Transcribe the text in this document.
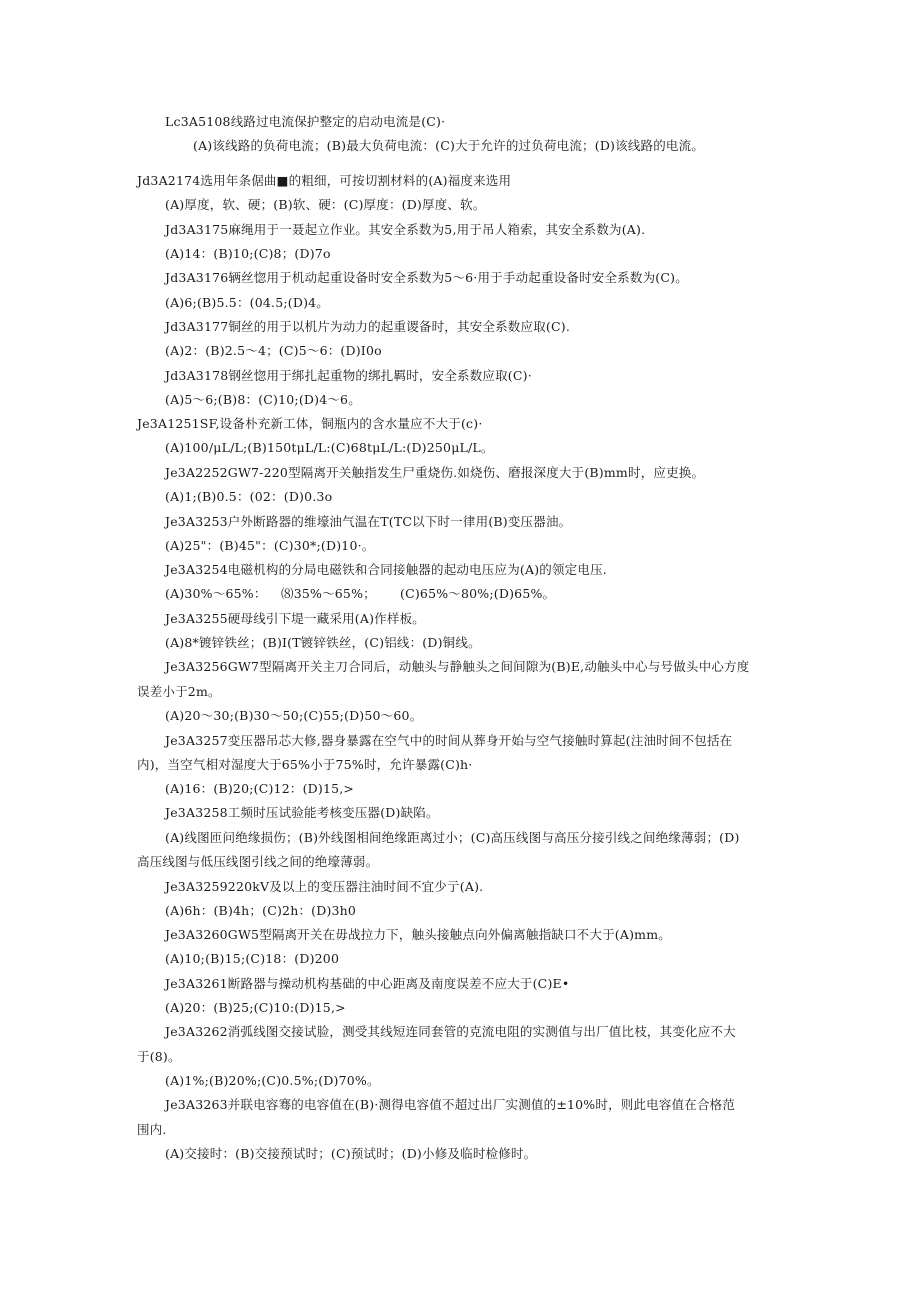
Lc3A5108线路过电流保护整定的启动电流是(C)·
(A)该线路的负荷电流；(B)最大负荷电流：(C)大于允许的过负荷电流；(D)该线路的电流。
Jd3A2174选用年条倨曲■的粗细，可按切割材料的(A)福度来选用
(A)厚度，软、硬；(B)软、硬：(C)厚度：(D)厚度、软。
Jd3A3175麻绳用于一聂起立作业。其安全系数为5,用于吊人箱索，其安全系数为(A).
(A)14：(B)10;(C)8；(D)7o
Jd3A3176辆丝惚用于机动起重设备时安全系数为5～6·用于手动起重设备时安全系数为(C)。
(A)6;(B)5.5：(04.5;(D)4。
Jd3A3177铜丝的用于以机片为动力的起重谡备时，其安全系数应取(C).
(A)2：(B)2.5～4；(C)5～6：(D)I0o
Jd3A3178钢丝惚用于绑扎起重物的绑扎羁时，安全系数应取(C)·
(A)5～6;(B)8：(C)10;(D)4～6。
Je3A1251SF,设备朴充新工体，铜瓶内的含水量应不大于(c)·
(A)100/μL/L;(B)150tμL/L:(C)68tμL/L:(D)250μL/L。
Je3A2252GW7-220型隔离开关触指发生尸重烧伤.如烧伤、磨报深度大于(B)mm时，应吏换。
(A)1;(B)0.5：(02：(D)0.3o
Je3A3253户外断路器的维壕油气温在T(TC以下时一律用(B)变压器油。
(A)25"：(B)45"：(C)30*;(D)10·。
Je3A3254电磁机构的分局电磁铁和合同接触器的起动电压应为(A)的领定电压.
(A)30%～65%： ⑻35%～65%； (C)65%～80%;(D)65%。
Je3A3255硬母线引下堤一藏采用(A)作样板。
(A)8*镀锌铁丝；(B)I(T镀锌铁丝，(C)铝线：(D)铜线。
Je3A3256GW7型隔离开关主刀合同后，动触头与静触头之间间隙为(B)E,动触头中心与号做头中心方度
误差小于2m。
(A)20～30;(B)30～50;(C)55;(D)50～60。
Je3A3257变压器吊芯大修,器身暴露在空气中的时间从葬身开始与空气接触时算起(注油时间不包括在
内)，当空气相对湿度大于65%小于75%时，允许暴露(C)h·
(A)16：(B)20;(C)12：(D)15,>
Je3A3258工频时压试验能考核变压器(D)缺陷。
(A)线图匝问绝缘损伤；(B)外线图相间绝缘距离过小；(C)高压线图与高压分接引线之间绝缘薄弱；(D)
高压线图与低压线图引线之间的绝壕薄弱。
Je3A3259220kV及以上的变压器注油时间不宜少亍(A).
(A)6h：(B)4h；(C)2h：(D)3h0
Je3A3260GW5型隔离开关在毋战拉力下，触头接触点向外偏离触指缺口不大于(A)mm。
(A)10;(B)15;(C)18：(D)200
Je3A3261断路器与操动机构基础的中心距离及南度误差不应大于(C)E•
(A)20：(B)25;(C)10:(D)15,>
Je3A3262消弧线图交接试脸，测受其线短连同套管的克流电阻的实测值与出厂值比枝，其变化应不大
于(8)。
(A)1%;(B)20%;(C)0.5%;(D)70%。
Je3A3263并联电容骞的电容值在(B)·测得电容值不超过出厂实测值的±10%时，则此电容值在合格范
围内.
(A)交接时：(B)交接预试时；(C)预试时；(D)小修及临时检修时。
